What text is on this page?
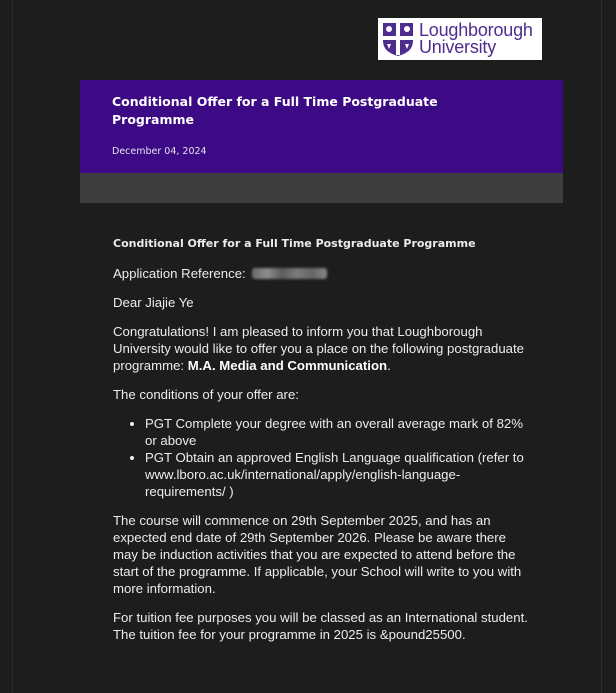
Loughborough
University
Conditional Offer for a Full Time Postgraduate Programme
December 04, 2024
Conditional Offer for a Full Time Postgraduate Programme
Application Reference:

Dear Jiajie Ye

Congratulations! I am pleased to inform you that Loughborough University would like to offer you a place on the following postgraduate programme: M.A. Media and Communication.

The conditions of your offer are:

• PGT Complete your degree with an overall average mark of 82% or above
• PGT Obtain an approved English Language qualification (refer to www.lboro.ac.uk/international/apply/english-language-requirements/ )

The course will commence on 29th September 2025, and has an expected end date of 29th September 2026. Please be aware there may be induction activities that you are expected to attend before the start of the programme. If applicable, your School will write to you with more information.

For tuition fee purposes you will be classed as an International student. The tuition fee for your programme in 2025 is &pound25500.
